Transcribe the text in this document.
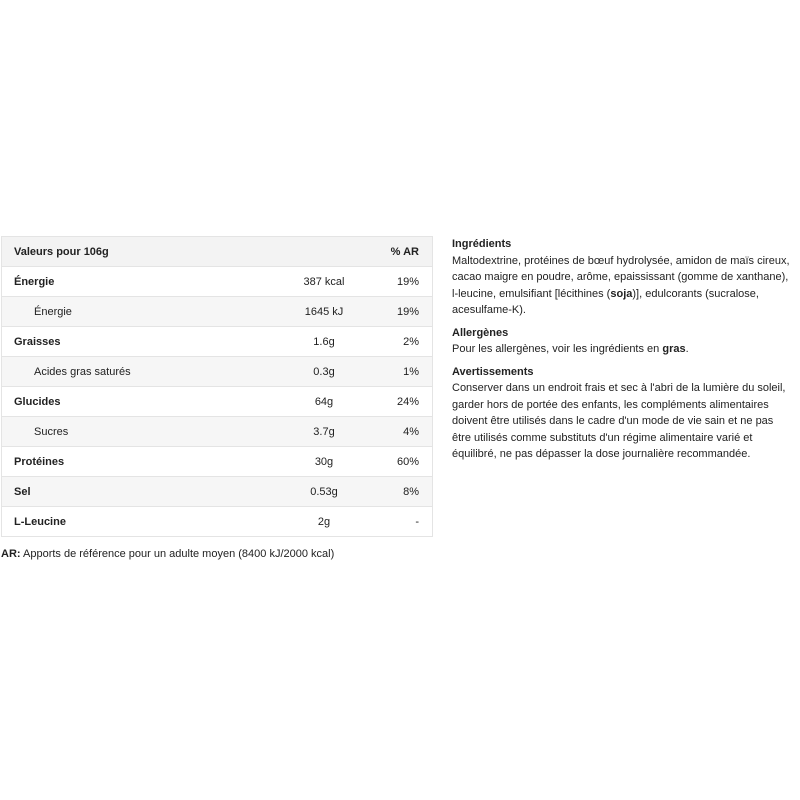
Valeurs pour 106g		% AR
Énergie	387 kcal	19%
Énergie	1645 kJ	19%
Graisses	1.6g	2%
Acides gras saturés	0.3g	1%
Glucides	64g	24%
Sucres	3.7g	4%
Protéines	30g	60%
Sel	0.53g	8%
L-Leucine	2g	-
AR: Apports de référence pour un adulte moyen (8400 kJ/2000 kcal)
Ingrédients

Maltodextrine, protéines de bœuf hydrolysée, amidon de maïs cireux, cacao maigre en poudre, arôme, epaississant (gomme de xanthane), l-leucine, emulsifiant [lécithines (soja)], edulcorants (sucralose, acesulfame-K).

Allergènes

Pour les allergènes, voir les ingrédients en gras.

Avertissements

Conserver dans un endroit frais et sec à l'abri de la lumière du soleil, garder hors de portée des enfants, les compléments alimentaires doivent être utilisés dans le cadre d'un mode de vie sain et ne pas être utilisés comme substituts d'un régime alimentaire varié et équilibré, ne pas dépasser la dose journalière recommandée.
